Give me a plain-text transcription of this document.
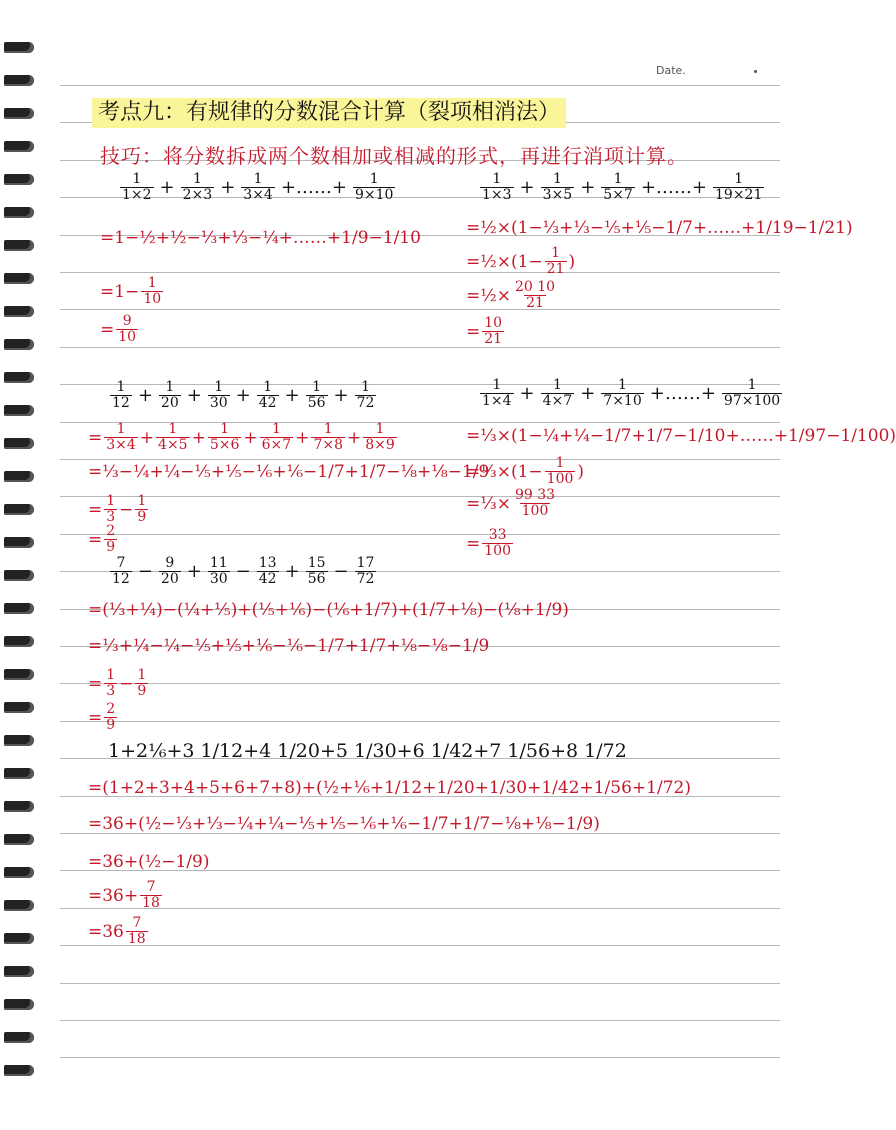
Date.
考点九：有规律的分数混合计算（裂项相消法）
技巧：将分数拆成两个数相加或相减的形式，再进行消项计算。
$\frac{1}{1\times 2} + \frac{1}{2\times 3} + \frac{1}{3\times 4}$ +……+ $\frac{1}{9\times 10}$
=1−½+½−⅓+⅓−¼+……+1/9−1/10
$=1- \frac{1}{10}$
= $\frac{9}{10}$
$\frac{1}{1\times 3} + \frac{1}{3\times 5} + \frac{1}{5\times 7}$ +……+ $\frac{1}{19\times 21}$
=½×(1−⅓+⅓−⅕+⅕−1/7+……+1/19−1/21)
=½×(1− $\frac{1}{21}$ )
=½× $\frac{20 10}{21}$
= $\frac{10}{21}$
$\frac{1}{12} + \frac{1}{20} + \frac{1}{30} + \frac{1}{42} + \frac{1}{56} + \frac{1}{72}$
= $\frac{1}{3\times 4} + \frac{1}{4\times 5} + \frac{1}{5\times 6} + \frac{1}{6\times 7} + \frac{1}{7\times 8} + \frac{1}{8\times 9}$
=⅓−¼+¼−⅕+⅕−⅙+⅙−1/7+1/7−⅛+⅛−1/9
= $\frac{1}{3} - \frac{1}{9}$
= $\frac{2}{9}$
$\frac{1}{1\times 4} + \frac{1}{4\times 7} + \frac{1}{7\times 10}$ +……+ $\frac{1}{97\times 100}$
=⅓×(1−¼+¼−1/7+1/7−1/10+……+1/97−1/100)
=⅓×(1− $\frac{1}{100}$ )
=⅓× $\frac{99 33}{100}$
= $\frac{33}{100}$
$\frac{7}{12} - \frac{9}{20} + \frac{11}{30} - \frac{13}{42} + \frac{15}{56} - \frac{17}{72}$
=(⅓+¼)−(¼+⅕)+(⅕+⅙)−(⅙+1/7)+(1/7+⅛)−(⅛+1/9)
=⅓+¼−¼−⅕+⅕+⅙−⅙−1/7+1/7+⅛−⅛−1/9
= $\frac{1}{3} - \frac{1}{9}$
= $\frac{2}{9}$
1+2⅙+3 1/12+4 1/20+5 1/30+6 1/42+7 1/56+8 1/72
=(1+2+3+4+5+6+7+8)+(½+⅙+1/12+1/20+1/30+1/42+1/56+1/72)
=36+(½−⅓+⅓−¼+¼−⅕+⅕−⅙+⅙−1/7+1/7−⅛+⅛−1/9)
=36+(½−1/9)
$=36+ \frac{7}{18}$
$=36 \frac{7}{18}$
